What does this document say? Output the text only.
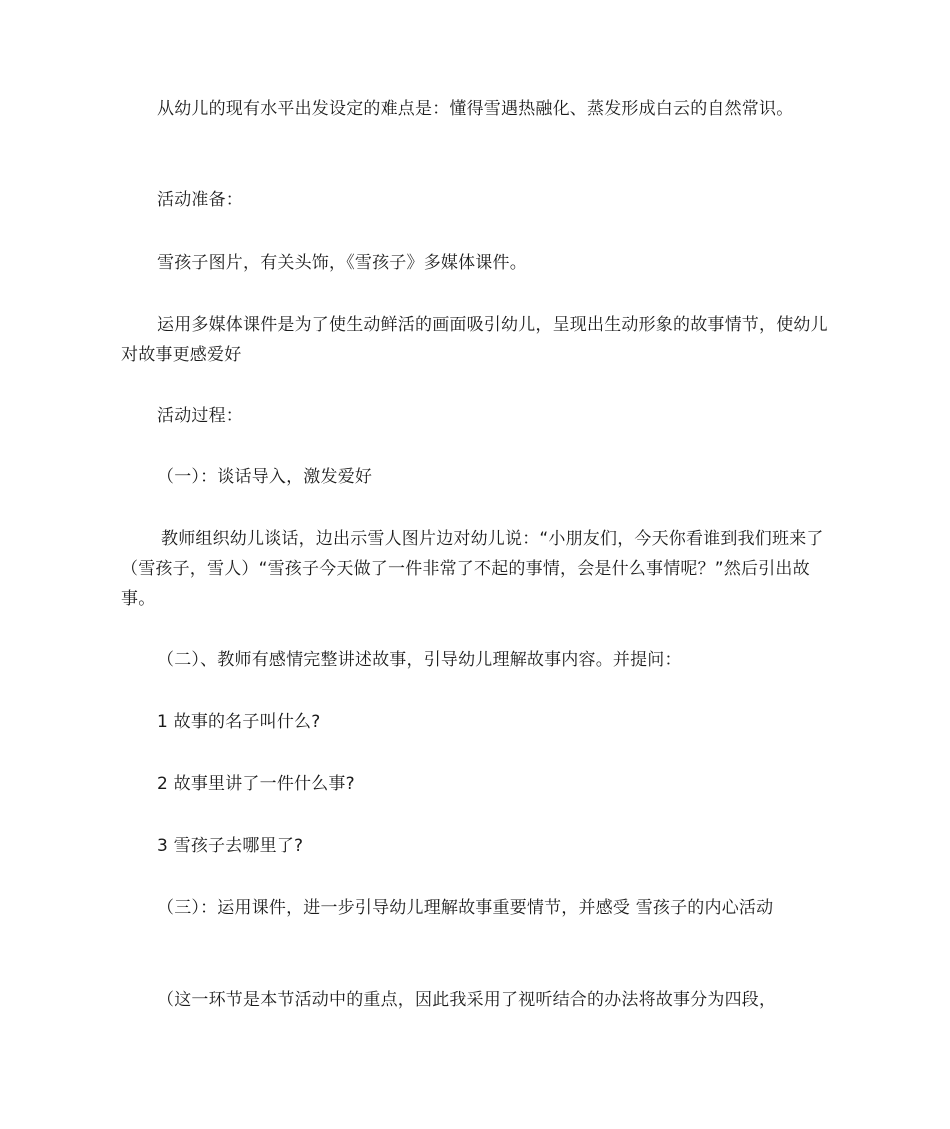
从幼儿的现有水平出发设定的难点是：懂得雪遇热融化、蒸发形成白云的自然常识。
活动准备：
雪孩子图片，有关头饰，《雪孩子》多媒体课件。
运用多媒体课件是为了使生动鲜活的画面吸引幼儿，呈现出生动形象的故事情节，使幼儿对故事更感爱好
活动过程：
（一）：谈话导入，激发爱好
教师组织幼儿谈话，边出示雪人图片边对幼儿说：“小朋友们，今天你看谁到我们班来了（雪孩子，雪人）“雪孩子今天做了一件非常了不起的事情，会是什么事情呢？”然后引出故事。
（二）、教师有感情完整讲述故事，引导幼儿理解故事内容。并提问：
1 故事的名子叫什么?
2 故事里讲了一件什么事?
3 雪孩子去哪里了?
（三）：运用课件，进一步引导幼儿理解故事重要情节，并感受 雪孩子的内心活动
（这一环节是本节活动中的重点，因此我采用了视听结合的办法将故事分为四段，
